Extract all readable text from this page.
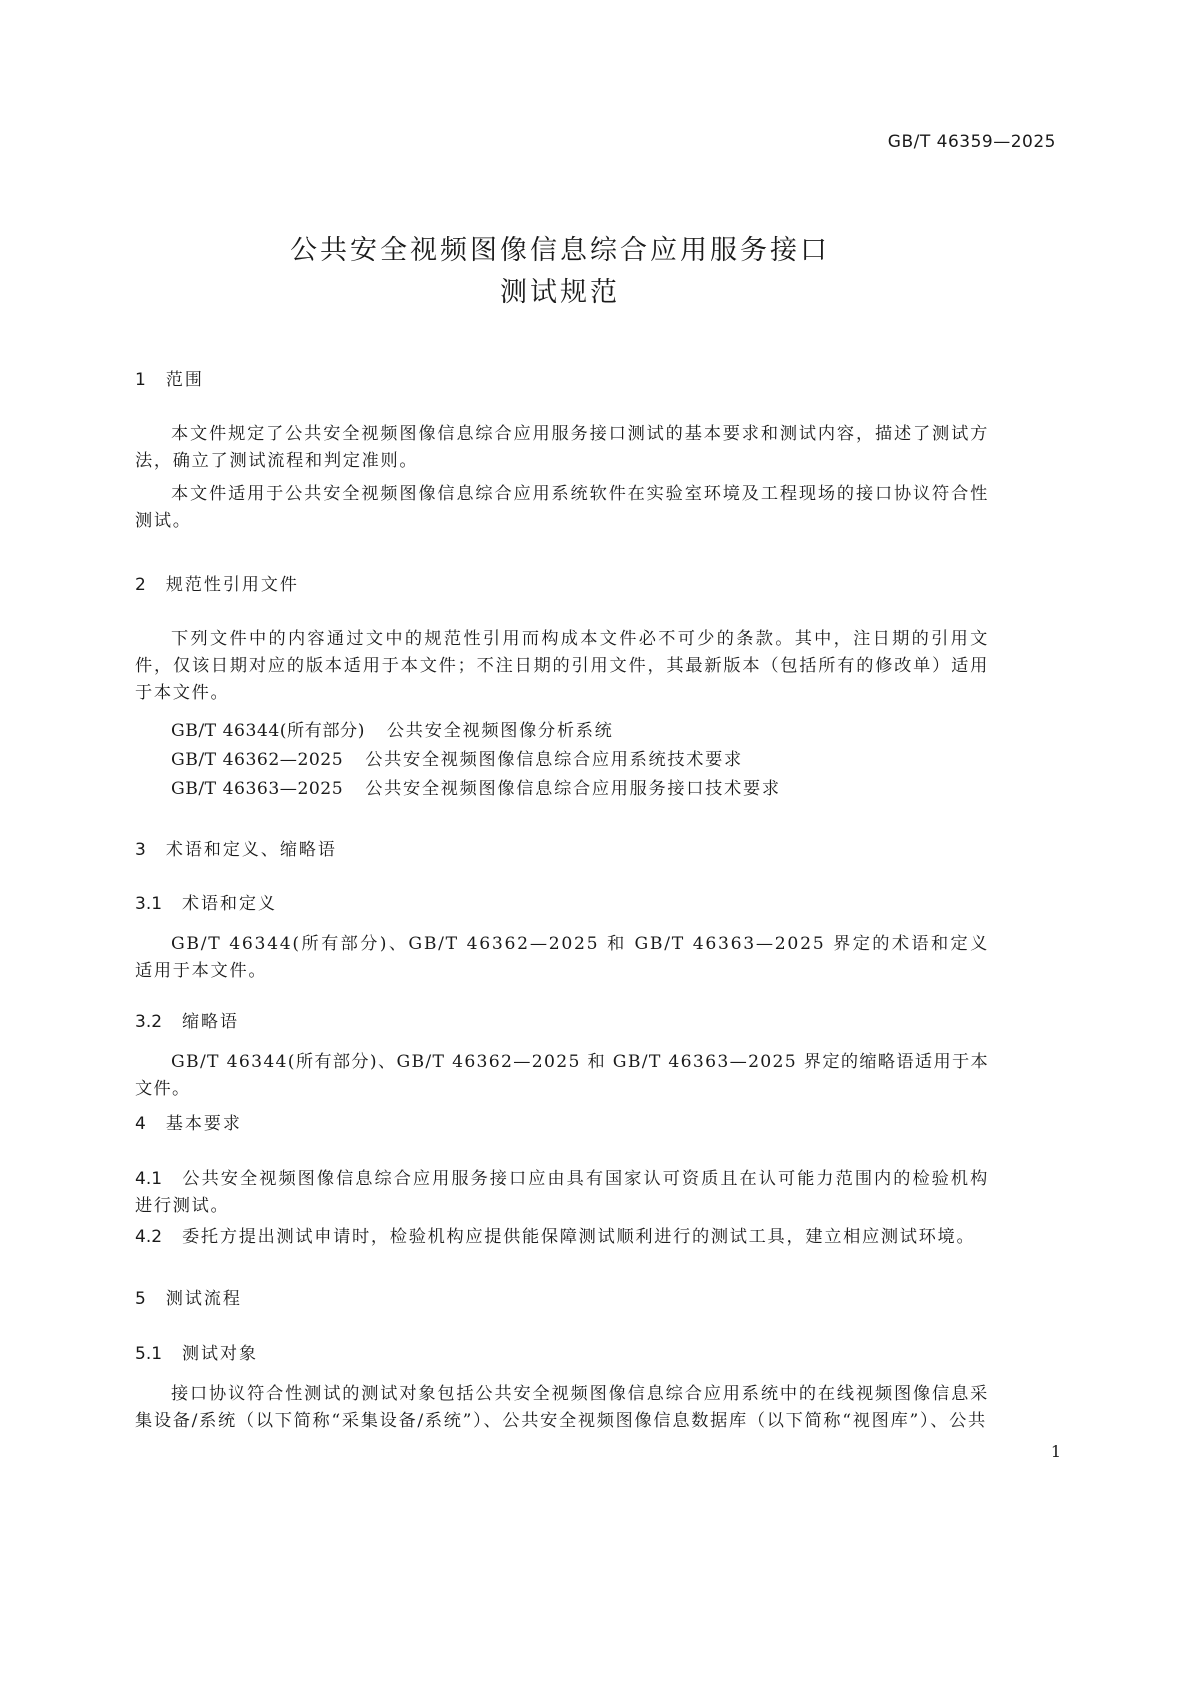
GB/T 46359—2025
公共安全视频图像信息综合应用服务接口
测试规范
1 范围
本文件规定了公共安全视频图像信息综合应用服务接口测试的基本要求和测试内容，描述了测试方法，确立了测试流程和判定准则。
本文件适用于公共安全视频图像信息综合应用系统软件在实验室环境及工程现场的接口协议符合性测试。
2 规范性引用文件
下列文件中的内容通过文中的规范性引用而构成本文件必不可少的条款。其中，注日期的引用文件，仅该日期对应的版本适用于本文件；不注日期的引用文件，其最新版本（包括所有的修改单）适用于本文件。
GB/T 46344(所有部分) 公共安全视频图像分析系统
GB/T 46362—2025 公共安全视频图像信息综合应用系统技术要求
GB/T 46363—2025 公共安全视频图像信息综合应用服务接口技术要求
3 术语和定义、缩略语
3.1 术语和定义
GB/T 46344(所有部分)、GB/T 46362—2025 和 GB/T 46363—2025 界定的术语和定义适用于本文件。
3.2 缩略语
GB/T 46344(所有部分)、GB/T 46362—2025 和 GB/T 46363—2025 界定的缩略语适用于本文件。
4 基本要求
4.1 公共安全视频图像信息综合应用服务接口应由具有国家认可资质且在认可能力范围内的检验机构进行测试。
4.2 委托方提出测试申请时，检验机构应提供能保障测试顺利进行的测试工具，建立相应测试环境。
5 测试流程
5.1 测试对象
接口协议符合性测试的测试对象包括公共安全视频图像信息综合应用系统中的在线视频图像信息采集设备/系统（以下简称“采集设备/系统”）、公共安全视频图像信息数据库（以下简称“视图库”）、公共
1
